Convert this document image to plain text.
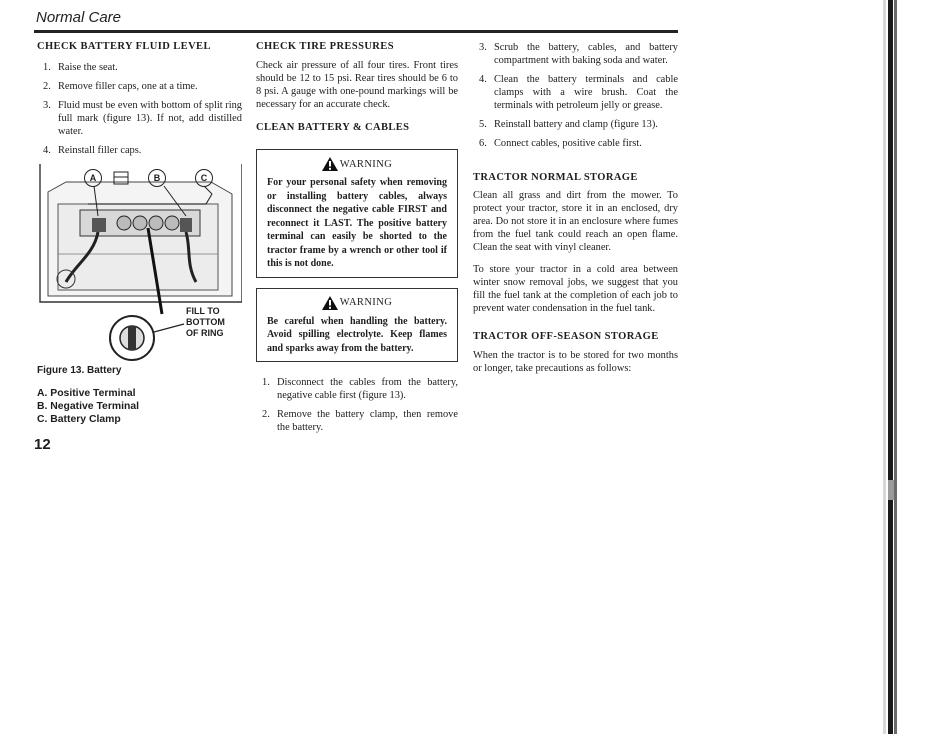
Normal Care
CHECK BATTERY FLUID LEVEL
1. Raise the seat.
2. Remove filler caps, one at a time.
3. Fluid must be even with bottom of split ring full mark (figure 13). If not, add distilled water.
4. Reinstall filler caps.
A	B	C
FILL TO
BOTTOM
OF RING
Figure 13. Battery
A. Positive Terminal
B. Negative Terminal
C. Battery Clamp
12
CHECK TIRE PRESSURES

Check air pressure of all four tires. Front tires should be 12 to 15 psi. Rear tires should be 6 to 8 psi. A gauge with one-pound markings will be necessary for an accurate check.

CLEAN BATTERY & CABLES
WARNING
For your personal safety when removing or installing battery cables, always disconnect the negative cable FIRST and reconnect it LAST. The positive battery terminal can easily be shorted to the tractor frame by a wrench or other tool if this is not done.
WARNING
Be careful when handling the battery. Avoid spilling electrolyte. Keep flames and sparks away from the battery.
1. Disconnect the cables from the battery, negative cable first (figure 13).
2. Remove the battery clamp, then remove the battery.
3. Scrub the battery, cables, and battery compartment with baking soda and water.
4. Clean the battery terminals and cable clamps with a wire brush. Coat the terminals with petroleum jelly or grease.
5. Reinstall battery and clamp (figure 13).
6. Connect cables, positive cable first.
TRACTOR NORMAL STORAGE

Clean all grass and dirt from the mower. To protect your tractor, store it in an enclosed, dry area. Do not store it in an enclosure where fumes from the fuel tank could reach an open flame. Clean the seat with vinyl cleaner.

To store your tractor in a cold area between winter snow removal jobs, we suggest that you fill the fuel tank at the completion of each job to prevent water condensation in the fuel tank.

TRACTOR OFF-SEASON STORAGE

When the tractor is to be stored for two months or longer, take precautions as follows:
